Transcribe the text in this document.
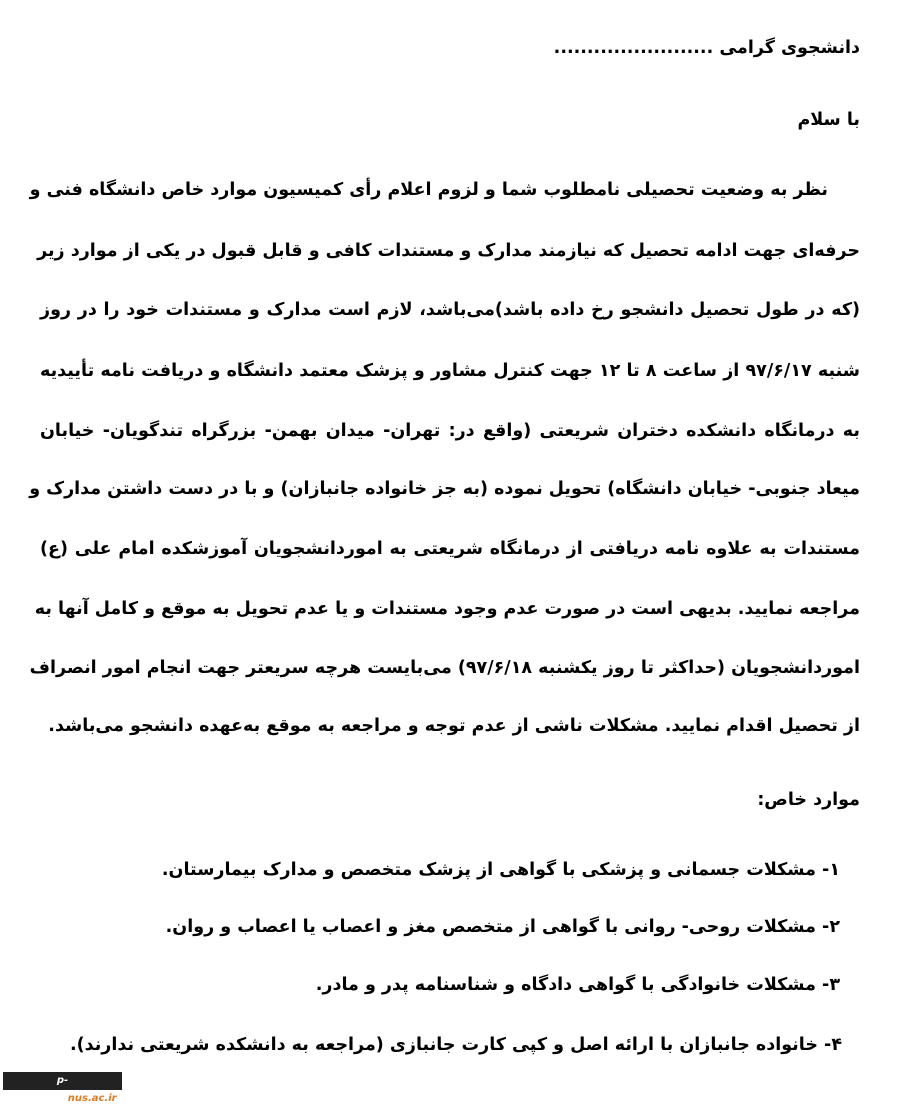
دانشجوی گرامی ........................
با سلام
نظر به وضعیت تحصیلی نامطلوب شما و لزوم اعلام رأی کمیسیون موارد خاص دانشگاه فنی و
حرفه‌ای جهت ادامه تحصیل که نیازمند مدارک و مستندات کافی و قابل قبول در یکی از موارد زیر
(که در طول تحصیل دانشجو رخ داده باشد)می‌باشد، لازم است مدارک و مستندات خود را در روز
شنبه ۹۷/۶/۱۷ از ساعت ۸ تا ۱۲ جهت کنترل مشاور و پزشک معتمد دانشگاه و دریافت نامه تأییدیه
به درمانگاه دانشکده دختران شریعتی (واقع در: تهران- میدان بهمن- بزرگراه تندگویان- خیابان
میعاد جنوبی- خیابان دانشگاه) تحویل نموده (به جز خانواده جانبازان) و با در دست داشتن مدارک و
مستندات به علاوه نامه دریافتی از درمانگاه شریعتی به اموردانشجویان آموزشکده امام علی (ع)
مراجعه نمایید. بدیهی است در صورت عدم وجود مستندات و یا عدم تحویل به موقع و کامل آنها به
اموردانشجویان (حداکثر تا روز یکشنبه ۹۷/۶/۱۸) می‌بایست هرچه سریعتر جهت انجام امور انصراف
از تحصیل اقدام نمایید. مشکلات ناشی از عدم توجه و مراجعه به موقع به‌عهده دانشجو می‌باشد.
موارد خاص:
۱- مشکلات جسمانی و پزشکی با گواهی از پزشک متخصص و مدارک بیمارستان.
۲- مشکلات روحی- روانی با گواهی از متخصص مغز و اعصاب یا اعصاب و روان.
۳- مشکلات خانوادگی با گواهی دادگاه و شناسنامه پدر و مادر.
۴- خانواده جانبازان با ارائه اصل و کپی کارت جانبازی (مراجعه به دانشکده شریعتی ندارند).
p-safadasht.nus.ac.ir
